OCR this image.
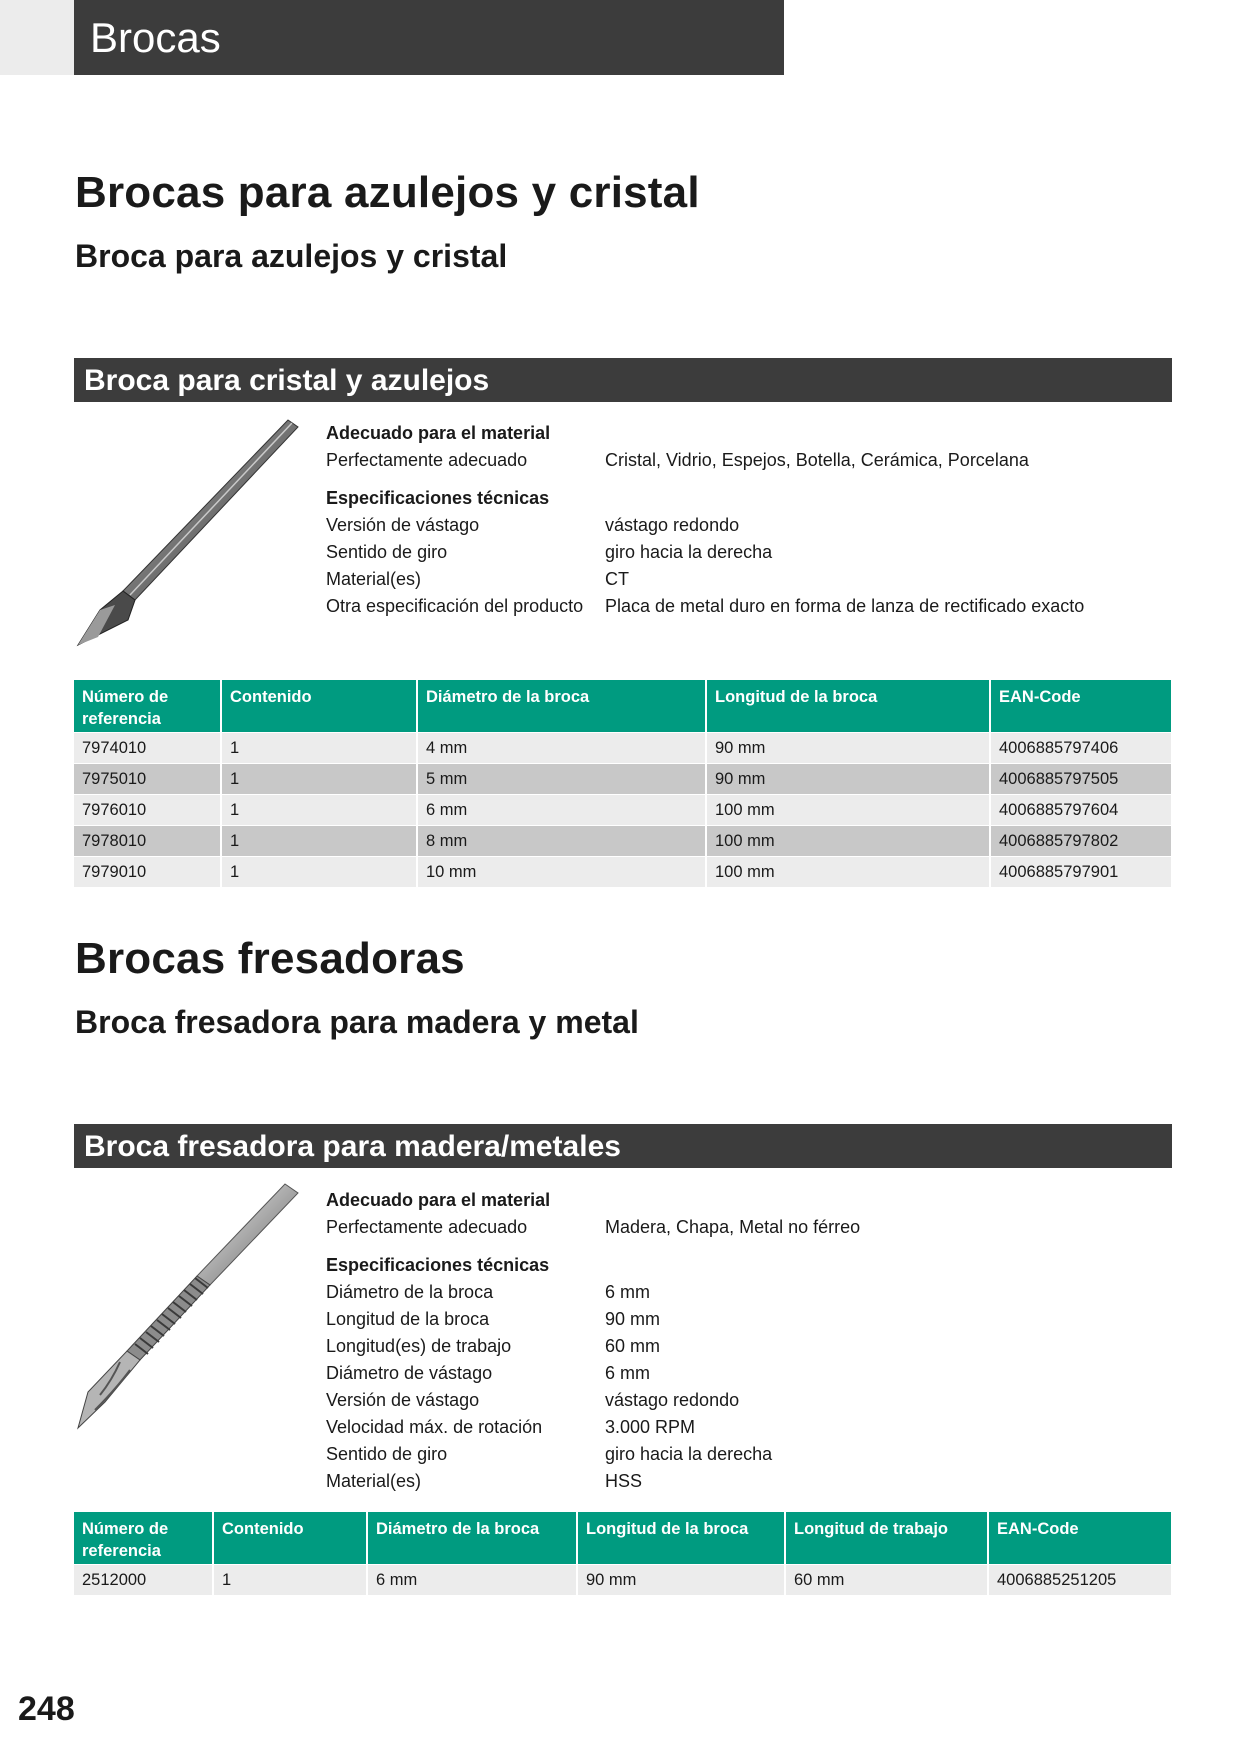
Brocas
Brocas para azulejos y cristal
Broca para azulejos y cristal
Broca para cristal y azulejos
Adecuado para el material
Perfectamente adecuado	Cristal, Vidrio, Espejos, Botella, Cerámica, Porcelana
Especificaciones técnicas
Versión de vástago	vástago redondo
Sentido de giro	giro hacia la derecha
Material(es)	CT
Otra especificación del producto	Placa de metal duro en forma de lanza de rectificado exacto
Número de referencia	Contenido	Diámetro de la broca	Longitud de la broca	EAN-Code
7974010	1	4 mm	90 mm	4006885797406
7975010	1	5 mm	90 mm	4006885797505
7976010	1	6 mm	100 mm	4006885797604
7978010	1	8 mm	100 mm	4006885797802
7979010	1	10 mm	100 mm	4006885797901
Brocas fresadoras
Broca fresadora para madera y metal
Broca fresadora para madera/metales
Adecuado para el material
Perfectamente adecuado	Madera, Chapa, Metal no férreo
Especificaciones técnicas
Diámetro de la broca	6 mm
Longitud de la broca	90 mm
Longitud(es) de trabajo	60 mm
Diámetro de vástago	6 mm
Versión de vástago	vástago redondo
Velocidad máx. de rotación	3.000 RPM
Sentido de giro	giro hacia la derecha
Material(es)	HSS
Número de referencia	Contenido	Diámetro de la broca	Longitud de la broca	Longitud de trabajo	EAN-Code
2512000	1	6 mm	90 mm	60 mm	4006885251205
248
